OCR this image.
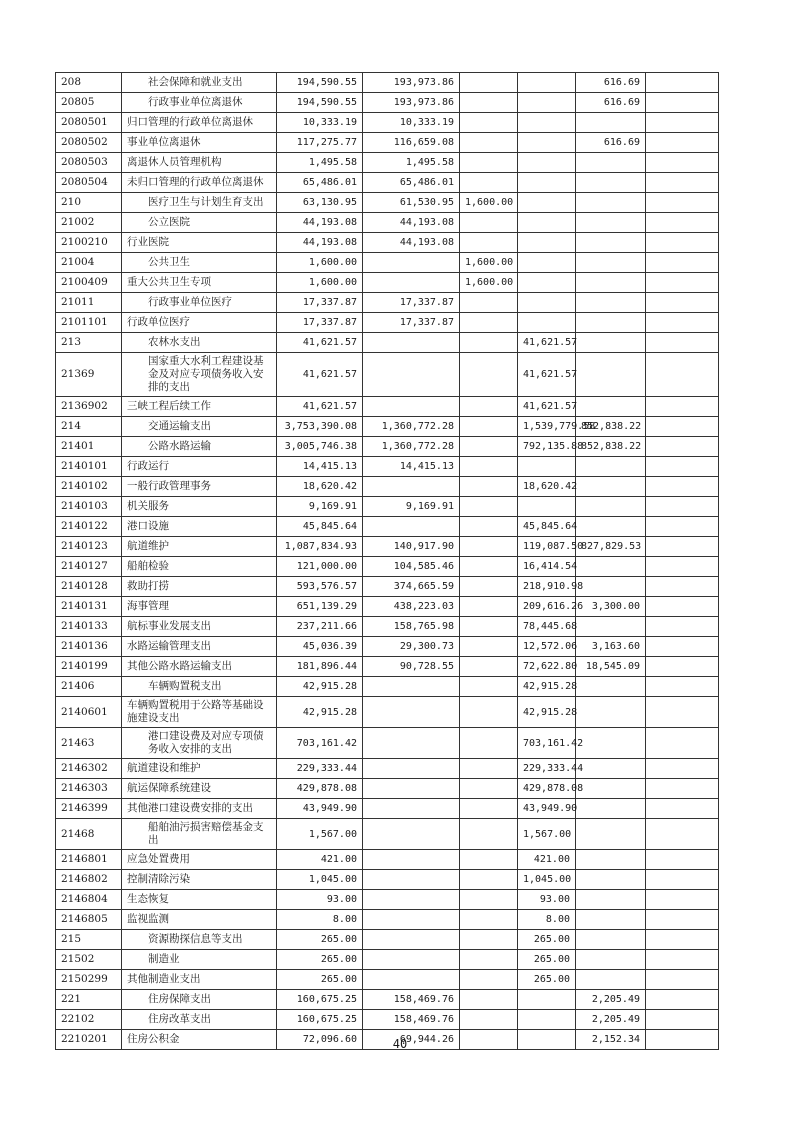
208	社会保障和就业支出	194,590.55	193,973.86			616.69	
20805	行政事业单位离退休	194,590.55	193,973.86			616.69	
2080501	归口管理的行政单位离退休	10,333.19	10,333.19				
2080502	事业单位离退休	117,275.77	116,659.08			616.69	
2080503	离退休人员管理机构	1,495.58	1,495.58				
2080504	未归口管理的行政单位离退休	65,486.01	65,486.01				
210	医疗卫生与计划生育支出	63,130.95	61,530.95	1,600.00			
21002	公立医院	44,193.08	44,193.08				
2100210	行业医院	44,193.08	44,193.08				
21004	公共卫生	1,600.00		1,600.00			
2100409	重大公共卫生专项	1,600.00		1,600.00			
21011	行政事业单位医疗	17,337.87	17,337.87				
2101101	行政单位医疗	17,337.87	17,337.87				
213	农林水支出	41,621.57			41,621.57		
21369	国家重大水利工程建设基金及对应专项债务收入安排的支出	41,621.57			41,621.57		
2136902	三峡工程后续工作	41,621.57			41,621.57		
214	交通运输支出	3,753,390.08	1,360,772.28		1,539,779.58	852,838.22	
21401	公路水路运输	3,005,746.38	1,360,772.28		792,135.88	852,838.22	
2140101	行政运行	14,415.13	14,415.13				
2140102	一般行政管理事务	18,620.42			18,620.42		
2140103	机关服务	9,169.91	9,169.91				
2140122	港口设施	45,845.64			45,845.64		
2140123	航道维护	1,087,834.93	140,917.90		119,087.50	827,829.53	
2140127	船舶检验	121,000.00	104,585.46		16,414.54		
2140128	救助打捞	593,576.57	374,665.59		218,910.98		
2140131	海事管理	651,139.29	438,223.03		209,616.26	3,300.00	
2140133	航标事业发展支出	237,211.66	158,765.98		78,445.68		
2140136	水路运输管理支出	45,036.39	29,300.73		12,572.06	3,163.60	
2140199	其他公路水路运输支出	181,896.44	90,728.55		72,622.80	18,545.09	
21406	车辆购置税支出	42,915.28			42,915.28		
2140601	车辆购置税用于公路等基础设施建设支出	42,915.28			42,915.28		
21463	港口建设费及对应专项债务收入安排的支出	703,161.42			703,161.42		
2146302	航道建设和维护	229,333.44			229,333.44		
2146303	航运保障系统建设	429,878.08			429,878.08		
2146399	其他港口建设费安排的支出	43,949.90			43,949.90		
21468	船舶油污损害赔偿基金支出	1,567.00			1,567.00		
2146801	应急处置费用	421.00			421.00		
2146802	控制清除污染	1,045.00			1,045.00		
2146804	生态恢复	93.00			93.00		
2146805	监视监测	8.00			8.00		
215	资源勘探信息等支出	265.00			265.00		
21502	制造业	265.00			265.00		
2150299	其他制造业支出	265.00			265.00		
221	住房保障支出	160,675.25	158,469.76			2,205.49	
22102	住房改革支出	160,675.25	158,469.76			2,205.49	
2210201	住房公积金	72,096.60	69,944.26			2,152.34	
40
